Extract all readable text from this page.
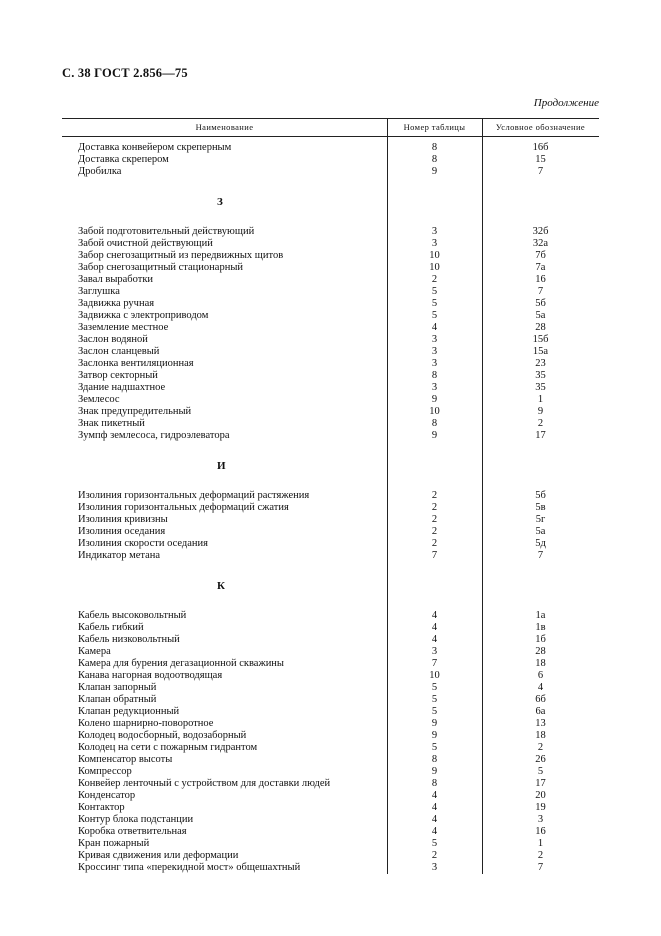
С. 38 ГОСТ 2.856—75
Продолжение
Наименование	Номер таблицы	Условное обозначение
Доставка конвейером скреперным	8	16б
Доставка скрепером	8	15
Дробилка	9	7
З
Забой подготовительный действующий	3	32б
Забой очистной действующий	3	32а
Забор снегозащитный из передвижных щитов	10	7б
Забор снегозащитный стационарный	10	7а
Завал выработки	2	16
Заглушка	5	7
Задвижка ручная	5	5б
Задвижка с электроприводом	5	5а
Заземление местное	4	28
Заслон водяной	3	15б
Заслон сланцевый	3	15а
Заслонка вентиляционная	3	23
Затвор секторный	8	35
Здание надшахтное	3	35
Землесос	9	1
Знак предупредительный	10	9
Знак пикетный	8	2
Зумпф землесоса, гидроэлеватора	9	17
И
Изолиния горизонтальных деформаций растяжения	2	5б
Изолиния горизонтальных деформаций сжатия	2	5в
Изолиния кривизны	2	5г
Изолиния оседания	2	5а
Изолиния скорости оседания	2	5д
Индикатор метана	7	7
К
Кабель высоковольтный	4	1а
Кабель гибкий	4	1в
Кабель низковольтный	4	1б
Камера	3	28
Камера для бурения дегазационной скважины	7	18
Канава нагорная водоотводящая	10	6
Клапан запорный	5	4
Клапан обратный	5	6б
Клапан редукционный	5	6а
Колено шарнирно-поворотное	9	13
Колодец водосборный, водозаборный	9	18
Колодец на сети с пожарным гидрантом	5	2
Компенсатор высоты	8	26
Компрессор	9	5
Конвейер ленточный с устройством для доставки людей	8	17
Конденсатор	4	20
Контактор	4	19
Контур блока подстанции	4	3
Коробка ответвительная	4	16
Кран пожарный	5	1
Кривая сдвижения или деформации	2	2
Кроссинг типа «перекидной мост» общешахтный	3	7
